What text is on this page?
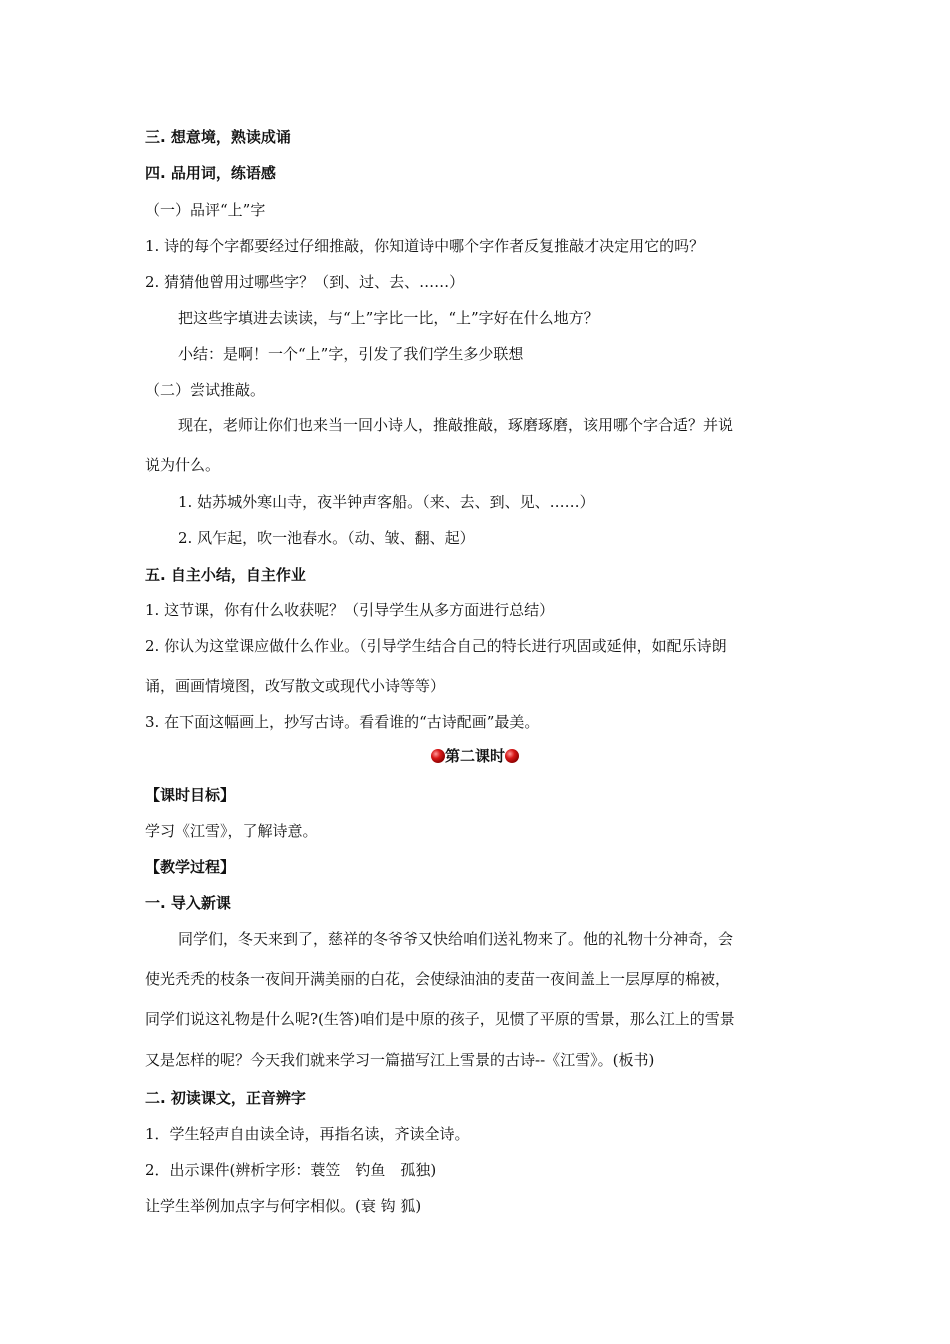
三. 想意境，熟读成诵
四. 品用词，练语感
（一）品评“上”字
1. 诗的每个字都要经过仔细推敲，你知道诗中哪个字作者反复推敲才决定用它的吗？
2. 猜猜他曾用过哪些字？（到、过、去、……）
把这些字填进去读读，与“上”字比一比，“上”字好在什么地方？
小结：是啊！一个“上”字，引发了我们学生多少联想
（二）尝试推敲。
现在，老师让你们也来当一回小诗人，推敲推敲，琢磨琢磨，该用哪个字合适？并说
说为什么。
1. 姑苏城外寒山寺，夜半钟声客船。（来、去、到、见、……）
2. 风乍起，吹一池春水。（动、皱、翻、起）
五. 自主小结，自主作业
1. 这节课，你有什么收获呢？（引导学生从多方面进行总结）
2. 你认为这堂课应做什么作业。（引导学生结合自己的特长进行巩固或延伸，如配乐诗朗
诵，画画情境图，改写散文或现代小诗等等）
3. 在下面这幅画上，抄写古诗。看看谁的“古诗配画”最美。
第二课时
【课时目标】
学习《江雪》，了解诗意。
【教学过程】
一. 导入新课
同学们，冬天来到了，慈祥的冬爷爷又快给咱们送礼物来了。他的礼物十分神奇，会
使光秃秃的枝条一夜间开满美丽的白花，会使绿油油的麦苗一夜间盖上一层厚厚的棉被，
同学们说这礼物是什么呢?(生答)咱们是中原的孩子，见惯了平原的雪景，那么江上的雪景
又是怎样的呢？今天我们就来学习一篇描写江上雪景的古诗--《江雪》。(板书)
二. 初读课文，正音辨字
1．学生轻声自由读全诗，再指名读，齐读全诗。
2．出示课件(辨析字形：蓑笠　钓鱼　孤独)
让学生举例加点字与何字相似。(衰 钩 狐)
